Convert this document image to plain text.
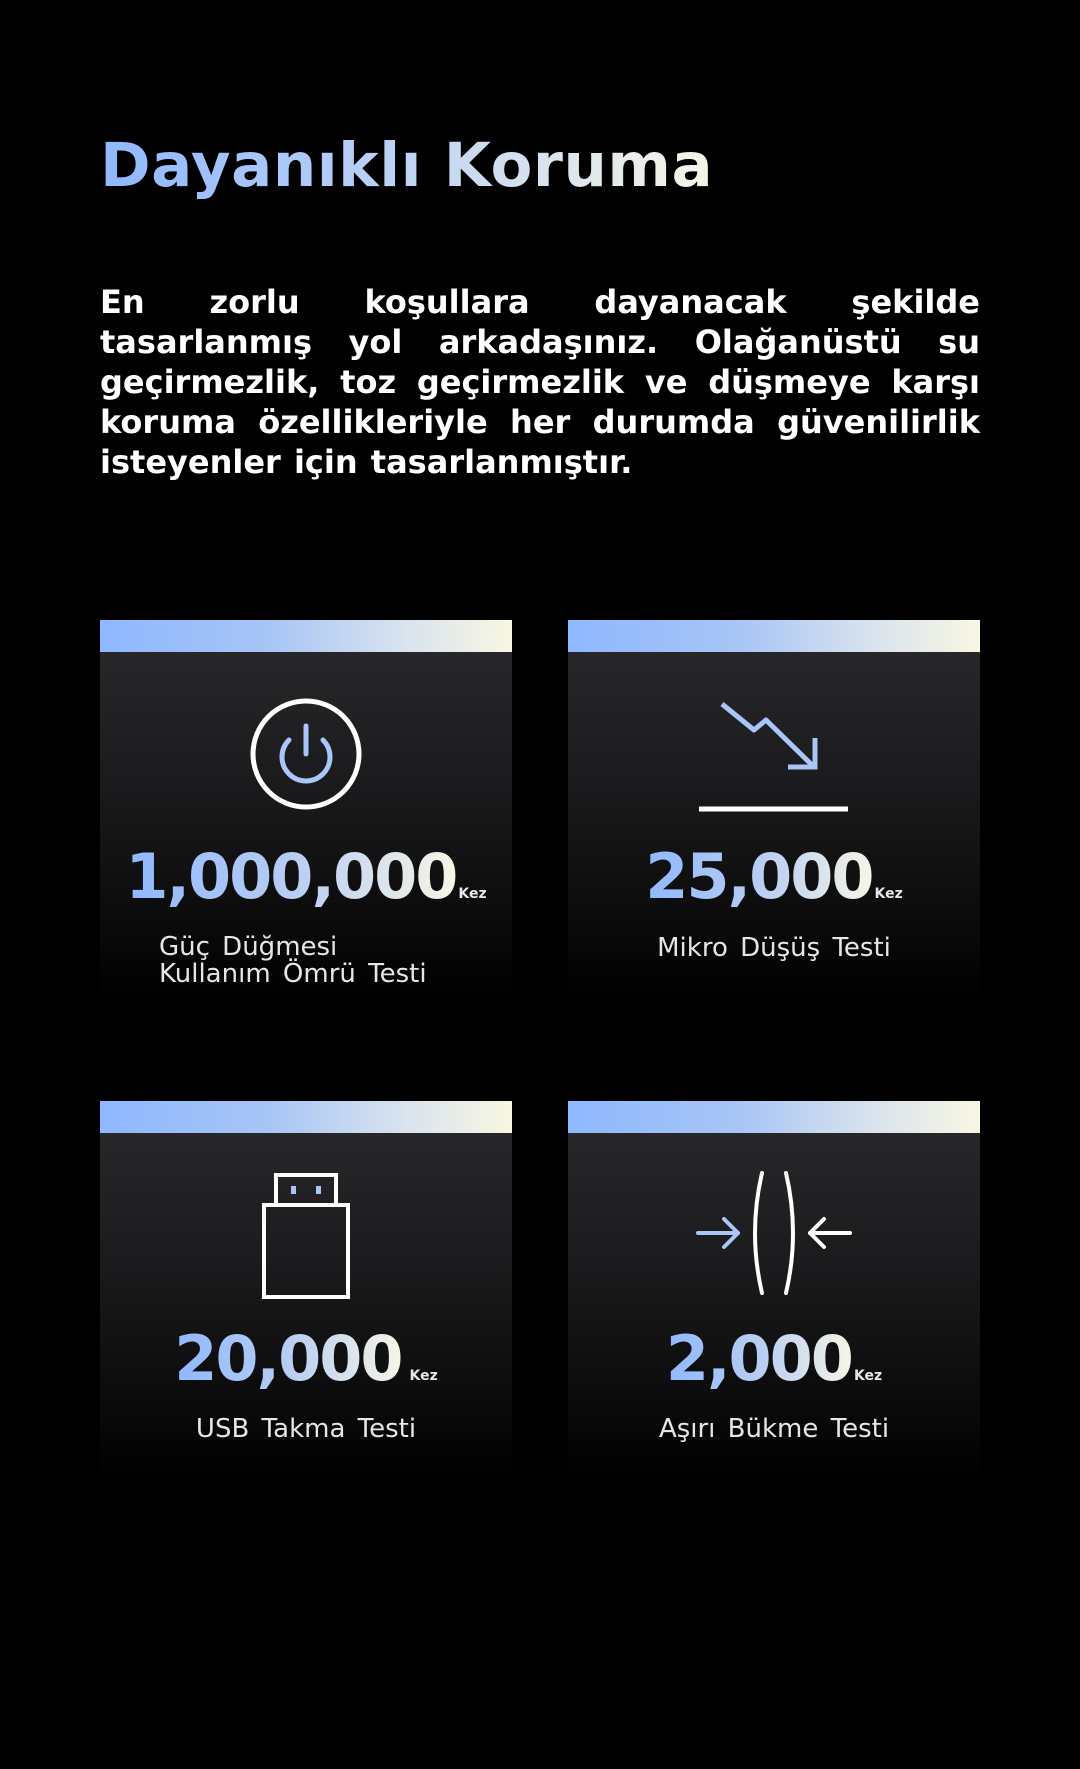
Dayanıklı Koruma

En zorlu koşullara dayanacak şekilde tasarlanmış yol arkadaşınız. Olağanüstü su geçirmezlik, toz geçirmezlik ve düşmeye karşı koruma özellikleriyle her durumda güvenilirlik isteyenler için tasarlanmıştır.

1,000,000 Kez
Güç Düğmesi Kullanım Ömrü Testi
25,000 Kez
Mikro Düşüş Testi
20,000 Kez
USB Takma Testi
2,000 Kez
Aşırı Bükme Testi
